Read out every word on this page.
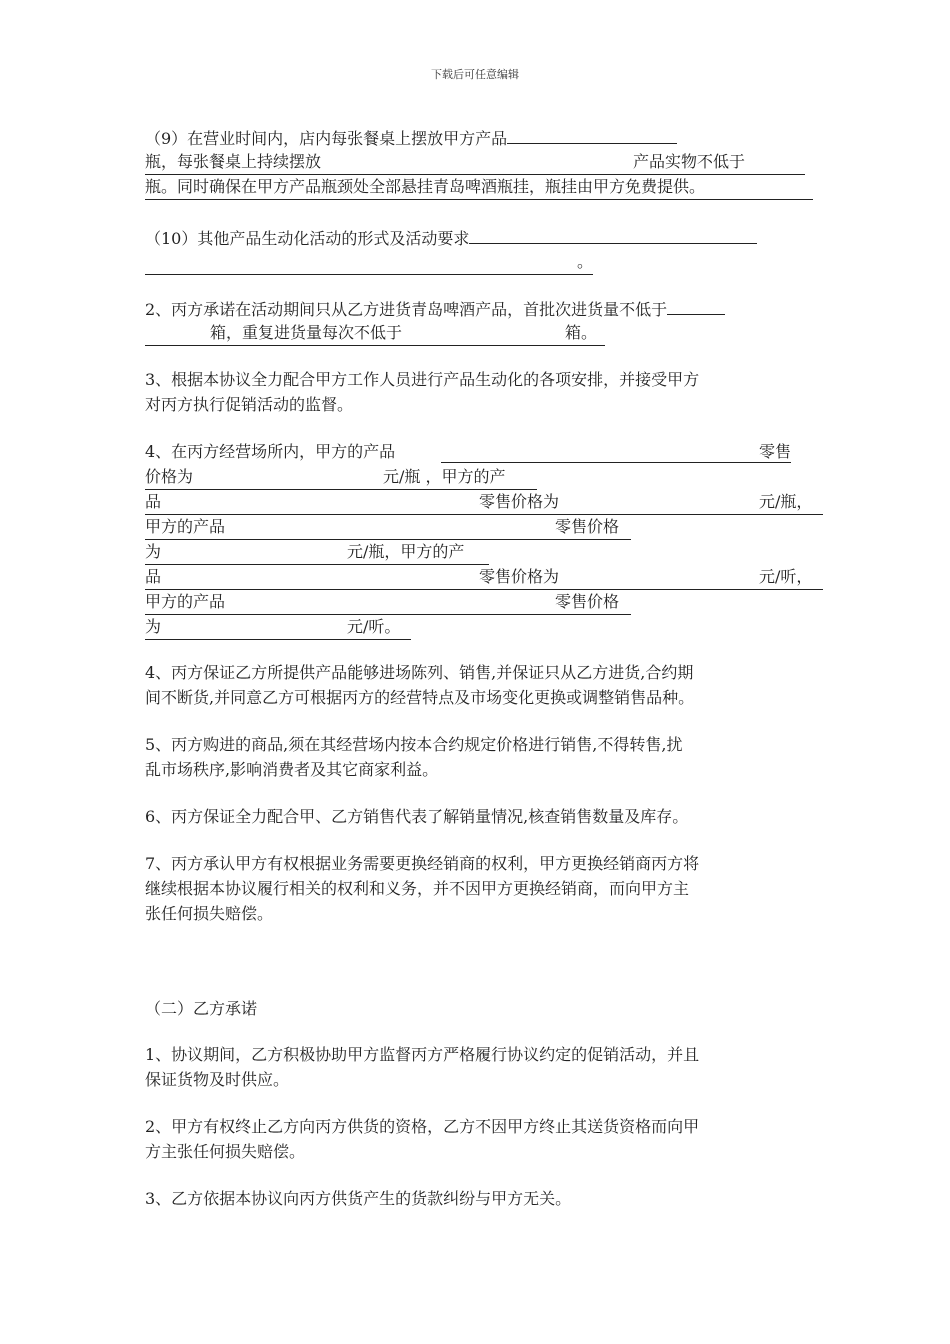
下载后可任意编辑
（9）在营业时间内，店内每张餐桌上摆放甲方产品
瓶，每张餐桌上持续摆放	产品实物不低于
瓶。同时确保在甲方产品瓶颈处全部悬挂青岛啤酒瓶挂，瓶挂由甲方免费提供。
（10）其他产品生动化活动的形式及活动要求
。
2、丙方承诺在活动期间只从乙方进货青岛啤酒产品，首批次进货量不低于
箱，重复进货量每次不低于	箱。
3、根据本协议全力配合甲方工作人员进行产品生动化的各项安排，并接受甲方
对丙方执行促销活动的监督。
4、在丙方经营场所内，甲方的产品	零售
价格为	元/瓶 ，甲方的产
品	零售价格为	元/瓶，
甲方的产品	零售价格
为	元/瓶，甲方的产
品	零售价格为	元/听，
甲方的产品	零售价格
为	元/听。
4、丙方保证乙方所提供产品能够进场陈列、销售,并保证只从乙方进货,合约期
间不断货,并同意乙方可根据丙方的经营特点及市场变化更换或调整销售品种。
5、丙方购进的商品,须在其经营场内按本合约规定价格进行销售,不得转售,扰
乱市场秩序,影响消费者及其它商家利益。
6、丙方保证全力配合甲、乙方销售代表了解销量情况,核查销售数量及库存。
7、丙方承认甲方有权根据业务需要更换经销商的权利，甲方更换经销商丙方将
继续根据本协议履行相关的权利和义务，并不因甲方更换经销商，而向甲方主
张任何损失赔偿。
（二）乙方承诺
1、协议期间，乙方积极协助甲方监督丙方严格履行协议约定的促销活动，并且
保证货物及时供应。
2、甲方有权终止乙方向丙方供货的资格，乙方不因甲方终止其送货资格而向甲
方主张任何损失赔偿。
3、乙方依据本协议向丙方供货产生的货款纠纷与甲方无关。
